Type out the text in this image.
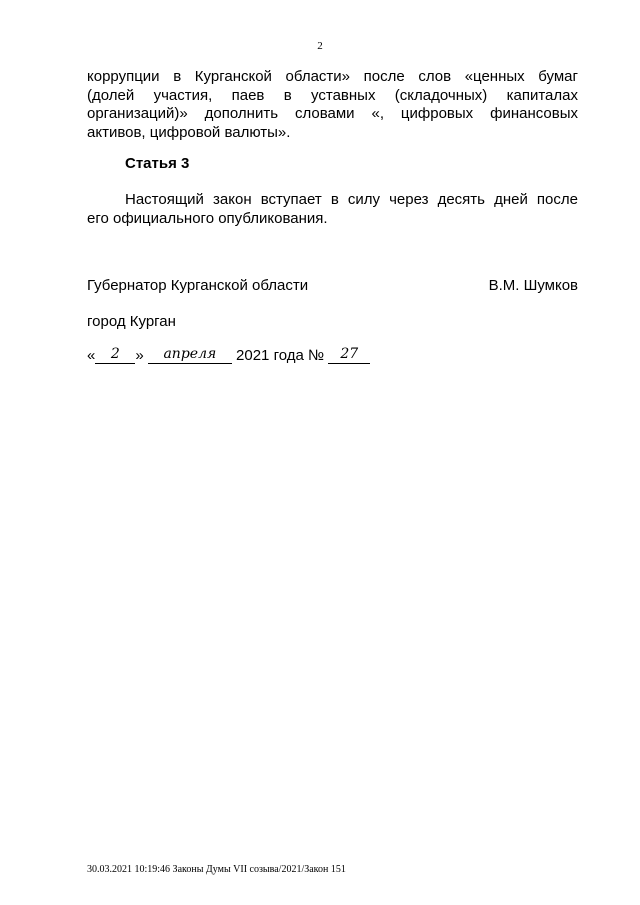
2
коррупции в Курганской области» после слов «ценных бумаг
(долей участия, паев в уставных (складочных) капиталах
организаций)» дополнить словами «, цифровых финансовых
активов, цифровой валюты».
Статья 3
Настоящий закон вступает в силу через десять дней после
его официального опубликования.
Губернатор Курганской области	В.М. Шумков
город Курган
«	2	»	апреля	2021 года №	27
30.03.2021 10:19:46 Законы Думы VII созыва/2021/Закон 151
